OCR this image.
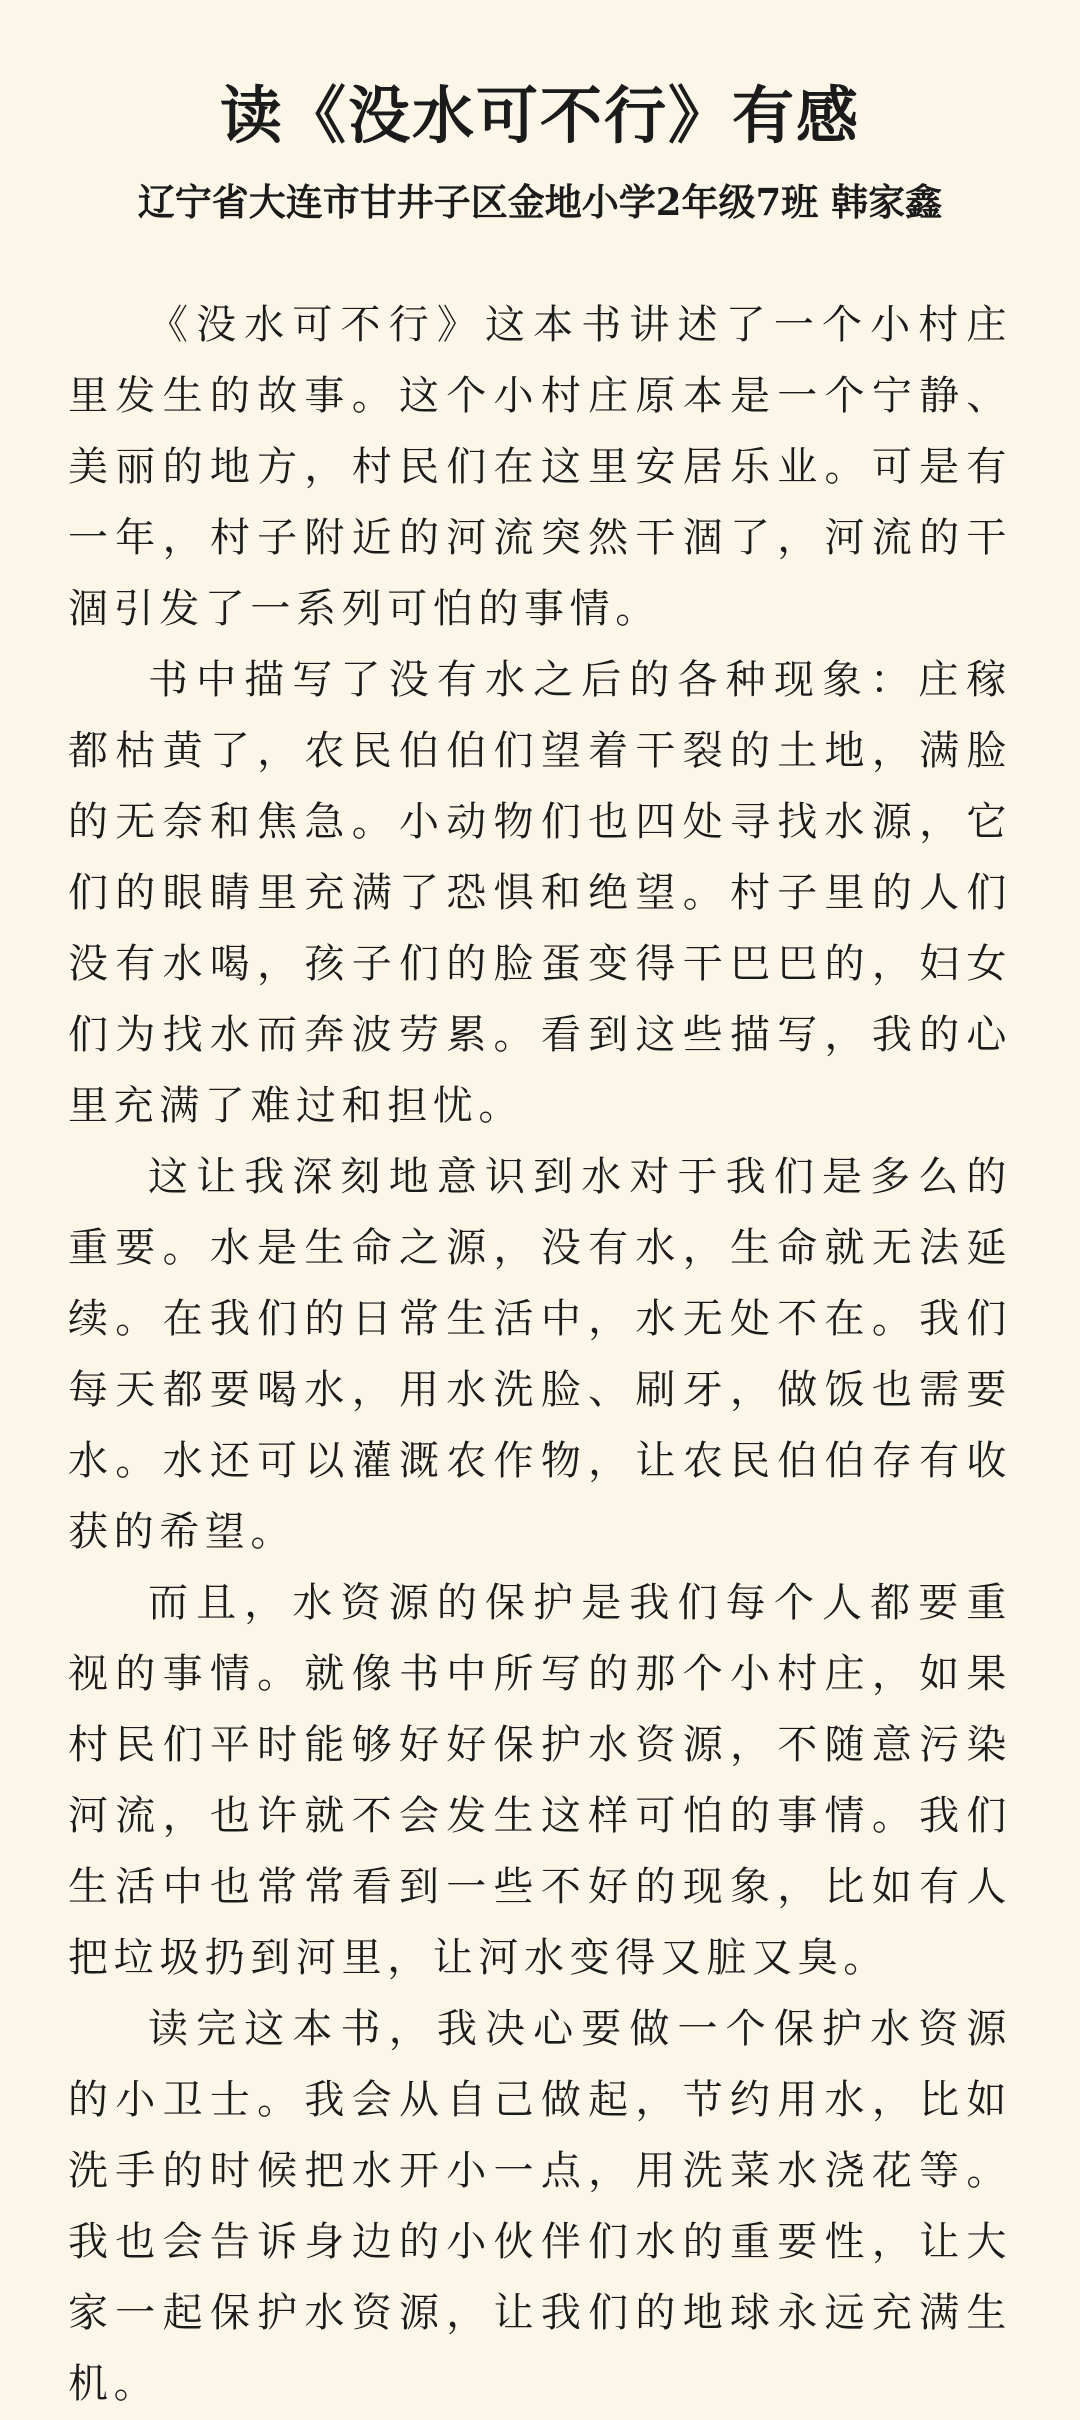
读《没水可不行》有感
辽宁省大连市甘井子区金地小学2年级7班 韩家鑫

《没水可不行》这本书讲述了一个小村庄里发生的故事。这个小村庄原本是一个宁静、美丽的地方，村民们在这里安居乐业。可是有一年，村子附近的河流突然干涸了，河流的干涸引发了一系列可怕的事情。

书中描写了没有水之后的各种现象：庄稼都枯黄了，农民伯伯们望着干裂的土地，满脸的无奈和焦急。小动物们也四处寻找水源，它们的眼睛里充满了恐惧和绝望。村子里的人们没有水喝，孩子们的脸蛋变得干巴巴的，妇女们为找水而奔波劳累。看到这些描写，我的心里充满了难过和担忧。

这让我深刻地意识到水对于我们是多么的重要。水是生命之源，没有水，生命就无法延续。在我们的日常生活中，水无处不在。我们每天都要喝水，用水洗脸、刷牙，做饭也需要水。水还可以灌溉农作物，让农民伯伯存有收获的希望。

而且，水资源的保护是我们每个人都要重视的事情。就像书中所写的那个小村庄，如果村民们平时能够好好保护水资源，不随意污染河流，也许就不会发生这样可怕的事情。我们生活中也常常看到一些不好的现象，比如有人把垃圾扔到河里，让河水变得又脏又臭。

读完这本书，我决心要做一个保护水资源的小卫士。我会从自己做起，节约用水，比如洗手的时候把水开小一点，用洗菜水浇花等。我也会告诉身边的小伙伴们水的重要性，让大家一起保护水资源，让我们的地球永远充满生机。
